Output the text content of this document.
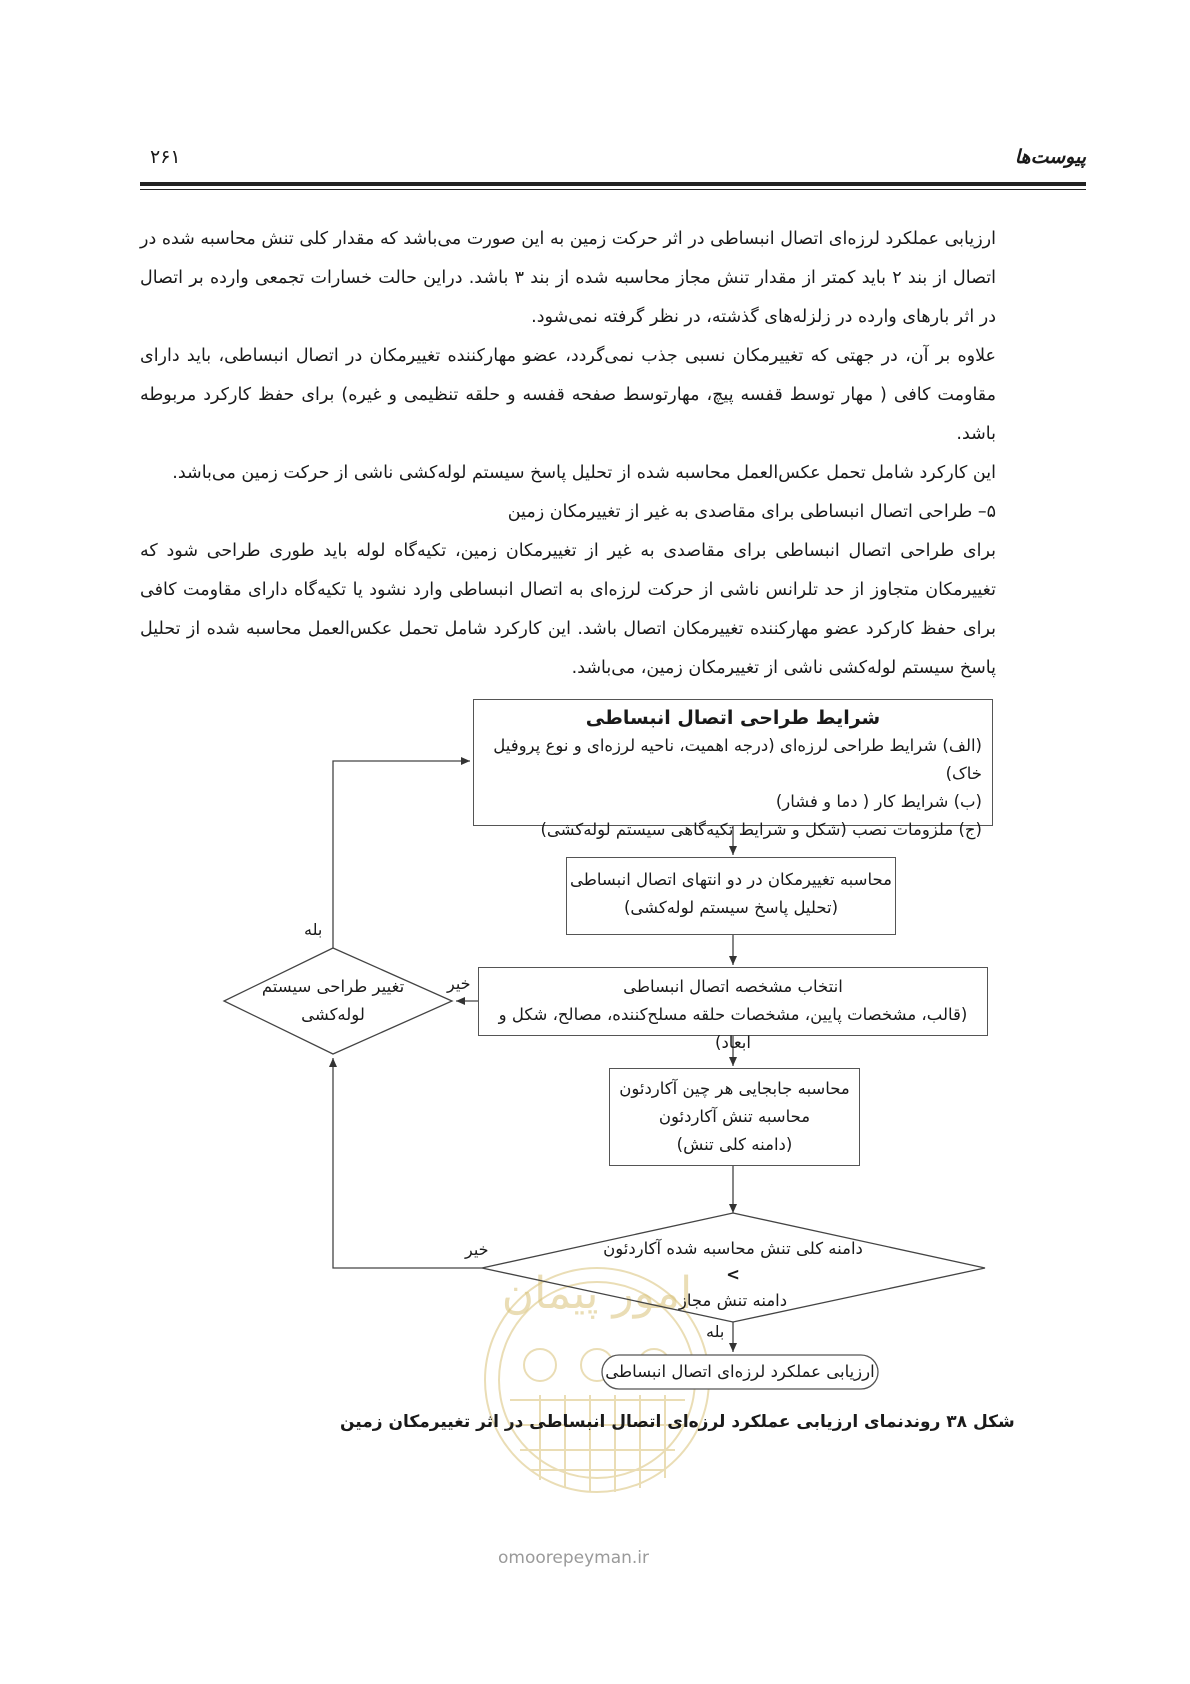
۲۶۱	پیوست‌ها

ارزیابی عملکرد لرزه‌ای اتصال انبساطی در اثر حرکت زمین به این صورت می‌باشد که مقدار کلی تنش محاسبه شده در اتصال از بند ۲ باید کمتر از مقدار تنش مجاز محاسبه شده از بند ۳ باشد. دراین حالت خسارات تجمعی وارده بر اتصال در اثر بارهای وارده در زلزله‌های گذشته، در نظر گرفته نمی‌شود.

علاوه بر آن، در جهتی که تغییرمکان نسبی جذب نمی‌گردد، عضو مهارکننده تغییرمکان در اتصال انبساطی، باید دارای مقاومت کافی ( مهار توسط قفسه پیچ، مهارتوسط صفحه قفسه و حلقه تنظیمی و غیره) برای حفظ کارکرد مربوطه باشد.

این کارکرد شامل تحمل عکس‌العمل محاسبه شده از تحلیل پاسخ سیستم لوله‌کشی ناشی از حرکت زمین می‌باشد.

۵– طراحی اتصال انبساطی برای مقاصدی به غیر از تغییرمکان زمین

برای طراحی اتصال انبساطی برای مقاصدی به غیر از تغییرمکان زمین، تکیه‌گاه لوله باید طوری طراحی شود که تغییرمکان متجاوز از حد تلرانس ناشی از حرکت لرزه‌ای به اتصال انبساطی وارد نشود یا تکیه‌گاه دارای مقاومت کافی برای حفظ کارکرد عضو مهارکننده تغییرمکان اتصال باشد. این کارکرد شامل تحمل عکس‌العمل محاسبه شده از تحلیل پاسخ سیستم لوله‌کشی ناشی از تغییرمکان زمین، می‌باشد.

امور پیمان
شرایط طراحی اتصال انبساطی
(الف) شرایط طراحی لرزه‌ای (درجه اهمیت، ناحیه لرزه‌ای و نوع پروفیل خاک)
(ب) شرایط کار ( دما و فشار)
(ج) ملزومات نصب (شکل و شرایط تکیه‌گاهی سیستم لوله‌کشی)
محاسبه تغییرمکان در دو انتهای اتصال انبساطی
(تحلیل پاسخ سیستم لوله‌کشی)
انتخاب مشخصه اتصال انبساطی
(قالب، مشخصات پایین، مشخصات حلقه مسلح‌کننده، مصالح، شکل و ابعاد)
محاسبه جابجایی هر چین آکاردئون
محاسبه تنش آکاردئون
(دامنه کلی تنش)
تغییر طراحی سیستم
لوله‌کشی
دامنه کلی تنش محاسبه شده آکاردئون
<
دامنه تنش مجاز
ارزیابی عملکرد لرزه‌ای اتصال انبساطی
بله
خیر
خیر
بله
شکل ۳۸ روندنمای ارزیابی عملکرد لرزه‌ای اتصال انبساطی در اثر تغییرمکان زمین
omoorepeyman.ir
